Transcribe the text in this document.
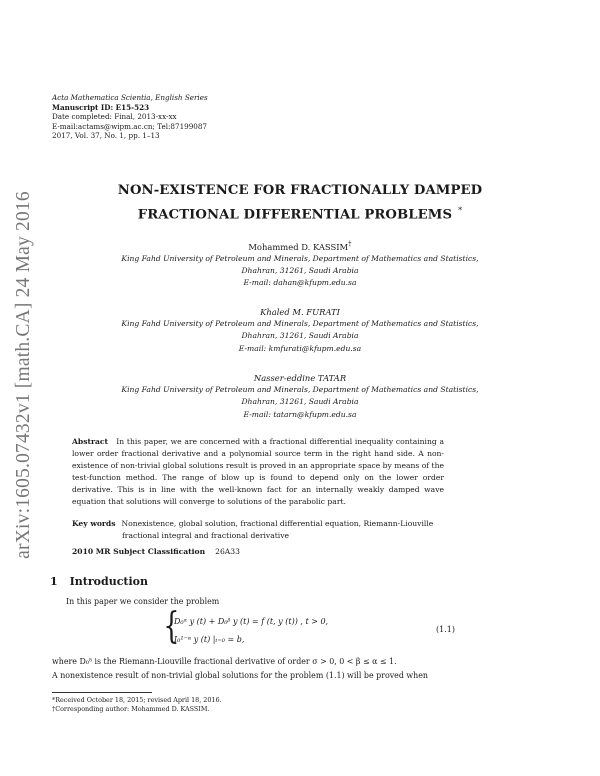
arXiv:1605.07432v1 [math.CA] 24 May 2016
Acta Mathematica Scientia, English Series
Manuscript ID: E15-523
Date completed: Final, 2013-xx-xx
E-mail:actams@wipm.ac.cn; Tel:87199087
2017, Vol. 37, No. 1, pp. 1–13
NON-EXISTENCE FOR FRACTIONALLY DAMPED
FRACTIONAL DIFFERENTIAL PROBLEMS *
Mohammed D. KASSIM†
King Fahd University of Petroleum and Minerals, Department of Mathematics and Statistics,
Dhahran, 31261, Saudi Arabia
E-mail: dahan@kfupm.edu.sa
Khaled M. FURATI
King Fahd University of Petroleum and Minerals, Department of Mathematics and Statistics,
Dhahran, 31261, Saudi Arabia
E-mail: kmfurati@kfupm.edu.sa
Nasser-eddine TATAR
King Fahd University of Petroleum and Minerals, Department of Mathematics and Statistics,
Dhahran, 31261, Saudi Arabia
E-mail: tatarn@kfupm.edu.sa
Abstract In this paper, we are concerned with a fractional differential inequality containing a lower order fractional derivative and a polynomial source term in the right hand side. A non-existence of non-trivial global solutions result is proved in an appropriate space by means of the test-function method. The range of blow up is found to depend only on the lower order derivative. This is in line with the well-known fact for an internally weakly damped wave equation that solutions will converge to solutions of the parabolic part.
Key words Nonexistence, global solution, fractional differential equation, Riemann-Liouville
fractional integral and fractional derivative
2010 MR Subject Classification 26A33
1 Introduction
In this paper we consider the problem
{
D₀ᵅ y (t) + D₀ᵝ y (t) = f (t, y (t)) , t > 0,
I₀¹⁻ᵅ y (t) |ₜ₌₀ = b,
(1.1)
where D₀ᵟ is the Riemann-Liouville fractional derivative of order σ > 0, 0 < β ≤ α ≤ 1.
A nonexistence result of non-trivial global solutions for the problem (1.1) will be proved when
*Received October 18, 2015; revised April 18, 2016.
†Corresponding author: Mohammed D. KASSIM.
